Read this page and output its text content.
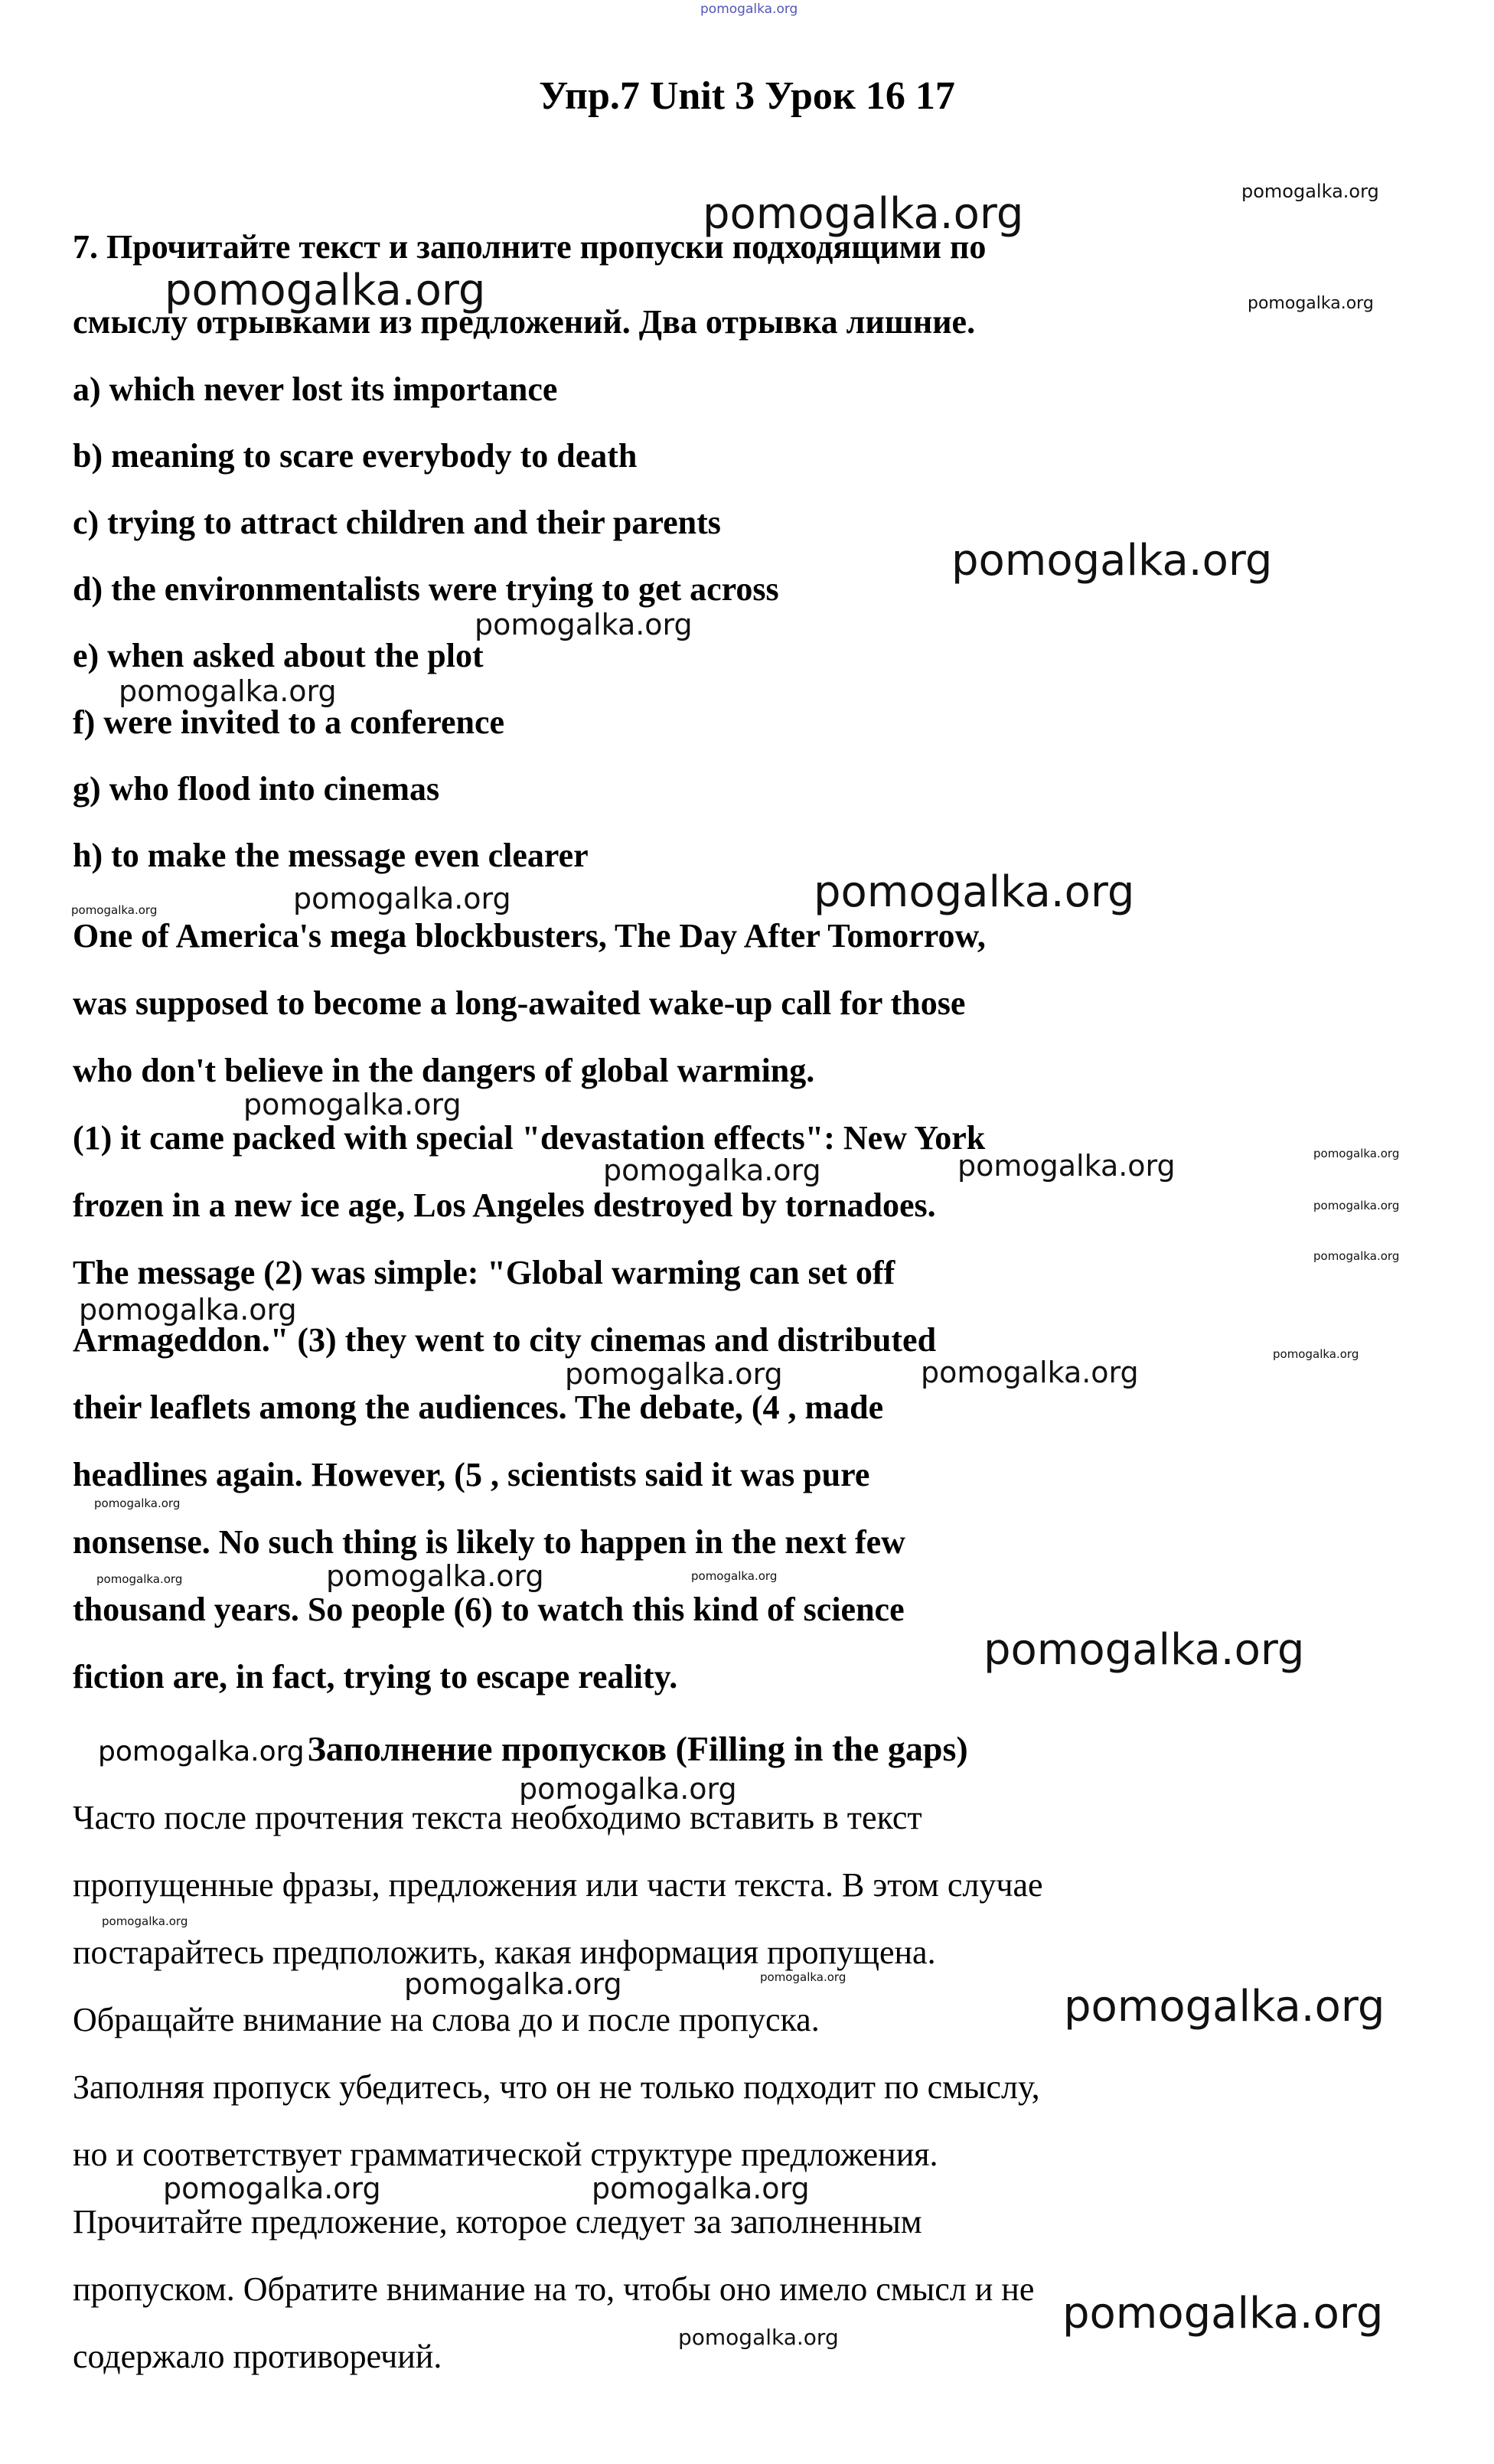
Упр.7 Unit 3 Урок 16 17
7. Прочитайте текст и заполните пропуски подходящими по
смыслу отрывками из предложений. Два отрывка лишние.
a) which never lost its importance
b) meaning to scare everybody to death
c) trying to attract children and their parents
d) the environmentalists were trying to get across
e) when asked about the plot
f) were invited to a conference
g) who flood into cinemas
h) to make the message even clearer
One of America's mega blockbusters, The Day After Tomorrow,
was supposed to become a long-awaited wake-up call for those
who don't believe in the dangers of global warming.
(1) it came packed with special "devastation effects": New York
frozen in a new ice age, Los Angeles destroyed by tornadoes.
The message (2) was simple: "Global warming can set off
Armageddon." (3) they went to city cinemas and distributed
their leaflets among the audiences. The debate, (4 , made
headlines again. However, (5 , scientists said it was pure
nonsense. No such thing is likely to happen in the next few
thousand years. So people (6) to watch this kind of science
fiction are, in fact, trying to escape reality.
pomogalka.org Заполнение пропусков (Filling in the gaps)
Часто после прочтения текста необходимо вставить в текст
пропущенные фразы, предложения или части текста. В этом случае
постарайтесь предположить, какая информация пропущена.
Обращайте внимание на слова до и после пропуска.
Заполняя пропуск убедитесь, что он не только подходит по смыслу,
но и соответствует грамматической структуре предложения.
Прочитайте предложение, которое следует за заполненным
пропуском. Обратите внимание на то, чтобы оно имело смысл и не
содержало противоречий.
pomogalka.org
pomogalka.org
pomogalka.org
pomogalka.org	pomogalka.org
pomogalka.org
pomogalka.org
pomogalka.org
pomogalka.org
pomogalka.org
pomogalka.org
pomogalka.org
pomogalka.org	pomogalka.org	pomogalka.org
pomogalka.org
pomogalka.org
pomogalka.org
pomogalka.org	pomogalka.org
pomogalka.org
pomogalka.org
pomogalka.org	pomogalka.org
pomogalka.org
pomogalka.org
pomogalka.org
pomogalka.org
pomogalka.org	pomogalka.org
pomogalka.org
pomogalka.org	pomogalka.org
pomogalka.org
pomogalka.org
